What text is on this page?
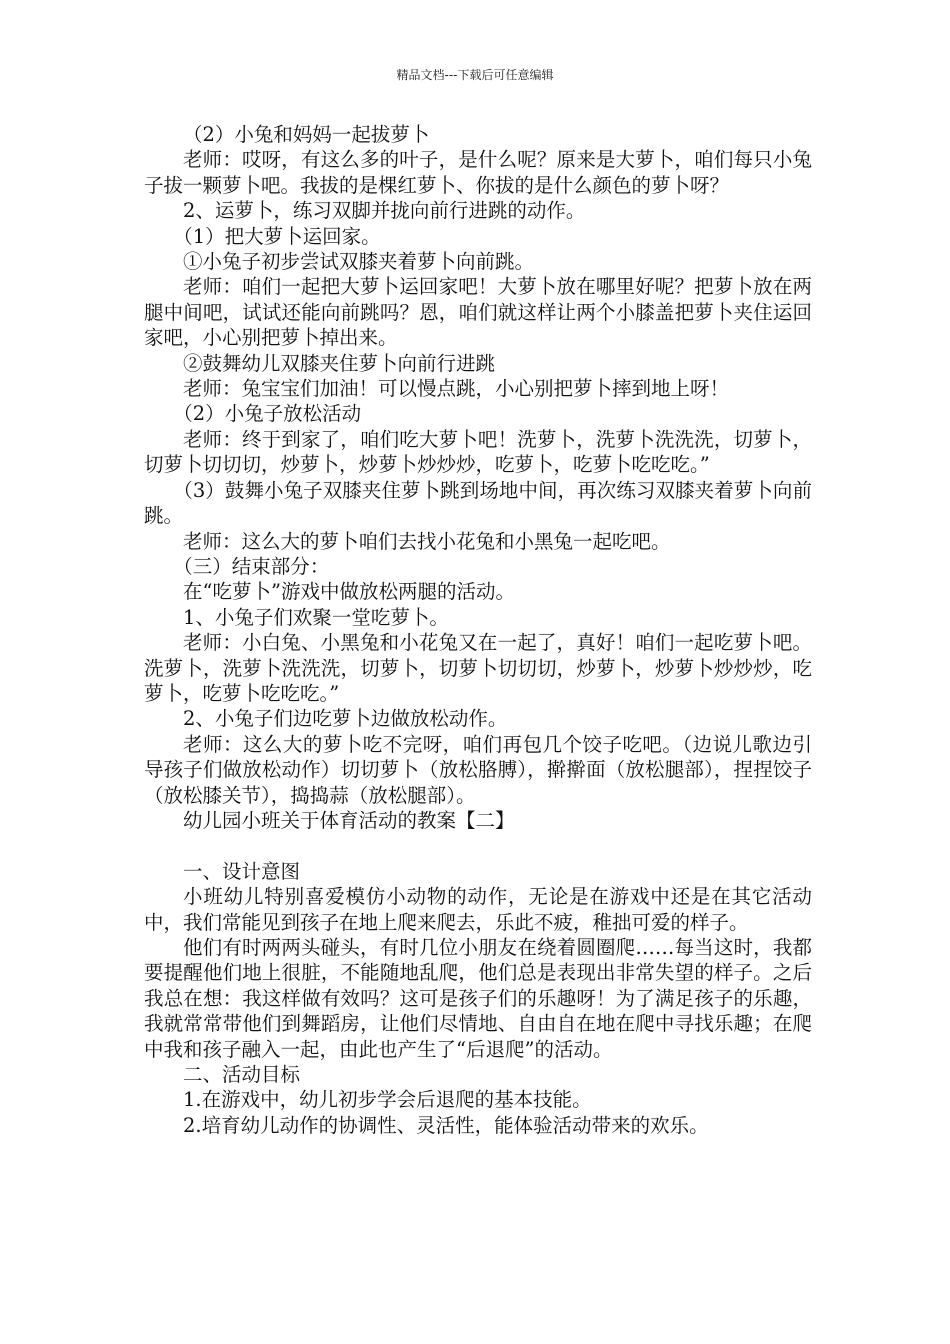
精品文档---下载后可任意编辑

（2）小兔和妈妈一起拔萝卜

老师：哎呀，有这么多的叶子，是什么呢？原来是大萝卜，咱们每只小兔子拔一颗萝卜吧。我拔的是棵红萝卜、你拔的是什么颜色的萝卜呀？

2、运萝卜，练习双脚并拢向前行进跳的动作。

（1）把大萝卜运回家。

①小兔子初步尝试双膝夹着萝卜向前跳。

老师：咱们一起把大萝卜运回家吧！大萝卜放在哪里好呢？把萝卜放在两腿中间吧，试试还能向前跳吗？恩，咱们就这样让两个小膝盖把萝卜夹住运回家吧，小心别把萝卜掉出来。

②鼓舞幼儿双膝夹住萝卜向前行进跳

老师：兔宝宝们加油！可以慢点跳，小心别把萝卜摔到地上呀！

（2）小兔子放松活动

老师：终于到家了，咱们吃大萝卜吧！洗萝卜，洗萝卜洗洗洗，切萝卜，切萝卜切切切，炒萝卜，炒萝卜炒炒炒，吃萝卜，吃萝卜吃吃吃。”

（3）鼓舞小兔子双膝夹住萝卜跳到场地中间，再次练习双膝夹着萝卜向前跳。

老师：这么大的萝卜咱们去找小花兔和小黑兔一起吃吧。

（三）结束部分：

在“吃萝卜”游戏中做放松两腿的活动。

1、小兔子们欢聚一堂吃萝卜。

老师：小白兔、小黑兔和小花兔又在一起了，真好！咱们一起吃萝卜吧。洗萝卜，洗萝卜洗洗洗，切萝卜，切萝卜切切切，炒萝卜，炒萝卜炒炒炒，吃萝卜，吃萝卜吃吃吃。”

2、小兔子们边吃萝卜边做放松动作。

老师：这么大的萝卜吃不完呀，咱们再包几个饺子吃吧。（边说儿歌边引导孩子们做放松动作）切切萝卜（放松胳膊），擀擀面（放松腿部），捏捏饺子（放松膝关节），捣捣蒜（放松腿部）。

幼儿园小班关于体育活动的教案【二】

一、设计意图

小班幼儿特别喜爱模仿小动物的动作，无论是在游戏中还是在其它活动中，我们常能见到孩子在地上爬来爬去，乐此不疲，稚拙可爱的样子。

他们有时两两头碰头，有时几位小朋友在绕着圆圈爬……每当这时，我都要提醒他们地上很脏，不能随地乱爬，他们总是表现出非常失望的样子。之后我总在想：我这样做有效吗？这可是孩子们的乐趣呀！为了满足孩子的乐趣，我就常常带他们到舞蹈房，让他们尽情地、自由自在地在爬中寻找乐趣；在爬中我和孩子融入一起，由此也产生了“后退爬”的活动。

二、活动目标

1.在游戏中，幼儿初步学会后退爬的基本技能。

2.培育幼儿动作的协调性、灵活性，能体验活动带来的欢乐。
